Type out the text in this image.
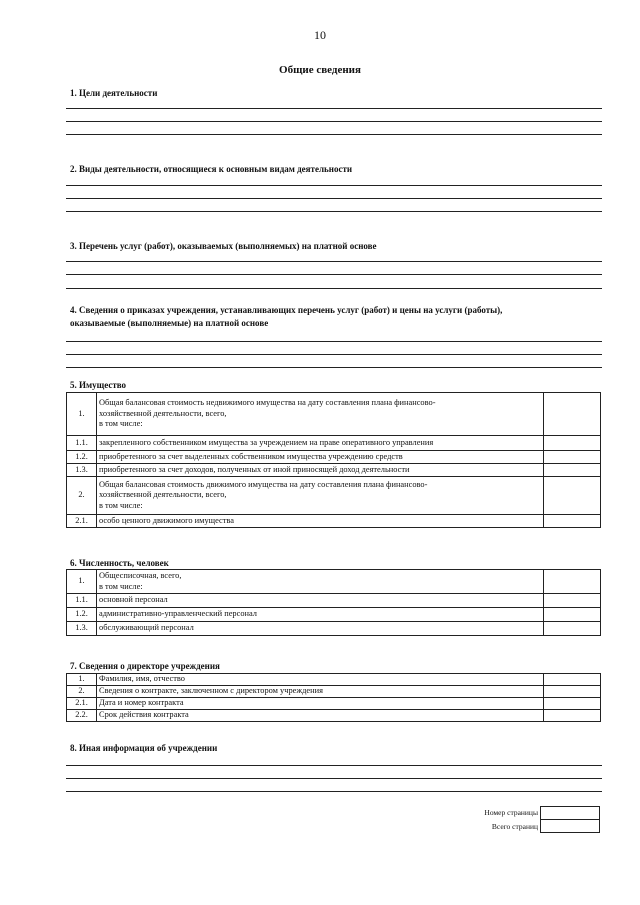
10
Общие сведения
1. Цели деятельности
2. Виды деятельности, относящиеся к основным видам деятельности
3. Перечень услуг (работ), оказываемых (выполняемых) на платной основе
4. Сведения о приказах учреждения, устанавливающих перечень услуг (работ) и цены на услуги (работы),
оказываемые (выполняемые) на платной основе
5. Имущество
1.	Общая балансовая стоимость недвижимого имущества на дату составления плана финансово-
хозяйственной деятельности, всего,
в том числе:	

1.1.	закрепленного собственником имущества за учреждением на праве оперативного управления	
1.2.	приобретенного за счет выделенных собственником имущества учреждению средств	
1.3.	приобретенного за счет доходов, полученных от иной приносящей доход деятельности	
2.	Общая балансовая стоимость движимого имущества на дату составления плана финансово-
хозяйственной деятельности, всего,
в том числе:	

2.1.	особо ценного движимого имущества	
6. Численность, человек
1.	Общесписочная, всего,
в том числе:	

1.1.	основной персонал	
1.2.	административно-управленческий персонал	
1.3.	обслуживающий персонал	
7. Сведения о директоре учреждения
1.	Фамилия, имя, отчество	
2.	Сведения о контракте, заключенном с директором учреждения	
2.1.	Дата и номер контракта	
2.2.	Срок действия контракта	
8. Иная информация об учреждении
Номер страницы
Всего страниц
